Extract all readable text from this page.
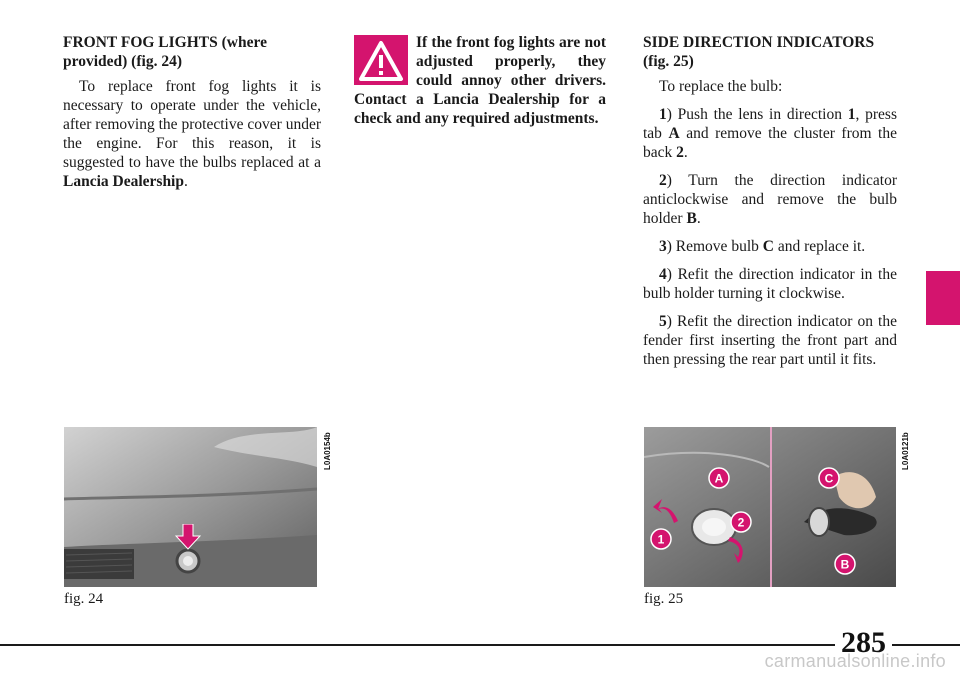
FRONT FOG LIGHTS (where provided) (fig. 24)

To replace front fog lights it is necessary to operate under the vehicle, after removing the protective cover under the engine. For this reason, it is suggested to have the bulbs replaced at a Lancia Dealership.

If the front fog lights are not adjusted properly, they could annoy other drivers. Contact a Lancia Dealership for a check and any required adjustments.

SIDE DIRECTION INDICATORS (fig. 25)

To replace the bulb:

1) Push the lens in direction 1, press tab A and remove the cluster from the back 2.

2) Turn the direction indicator anticlockwise and remove the bulb holder B.

3) Remove bulb C and replace it.

4) Refit the direction indicator in the bulb holder turning it clockwise.

5) Refit the direction indicator on the fender first inserting the front part and then pressing the rear part until it fits.

L0A0154b
A	C
2
1
B
L0A0121b
fig. 24	fig. 25
285
carmanualsonline.info
